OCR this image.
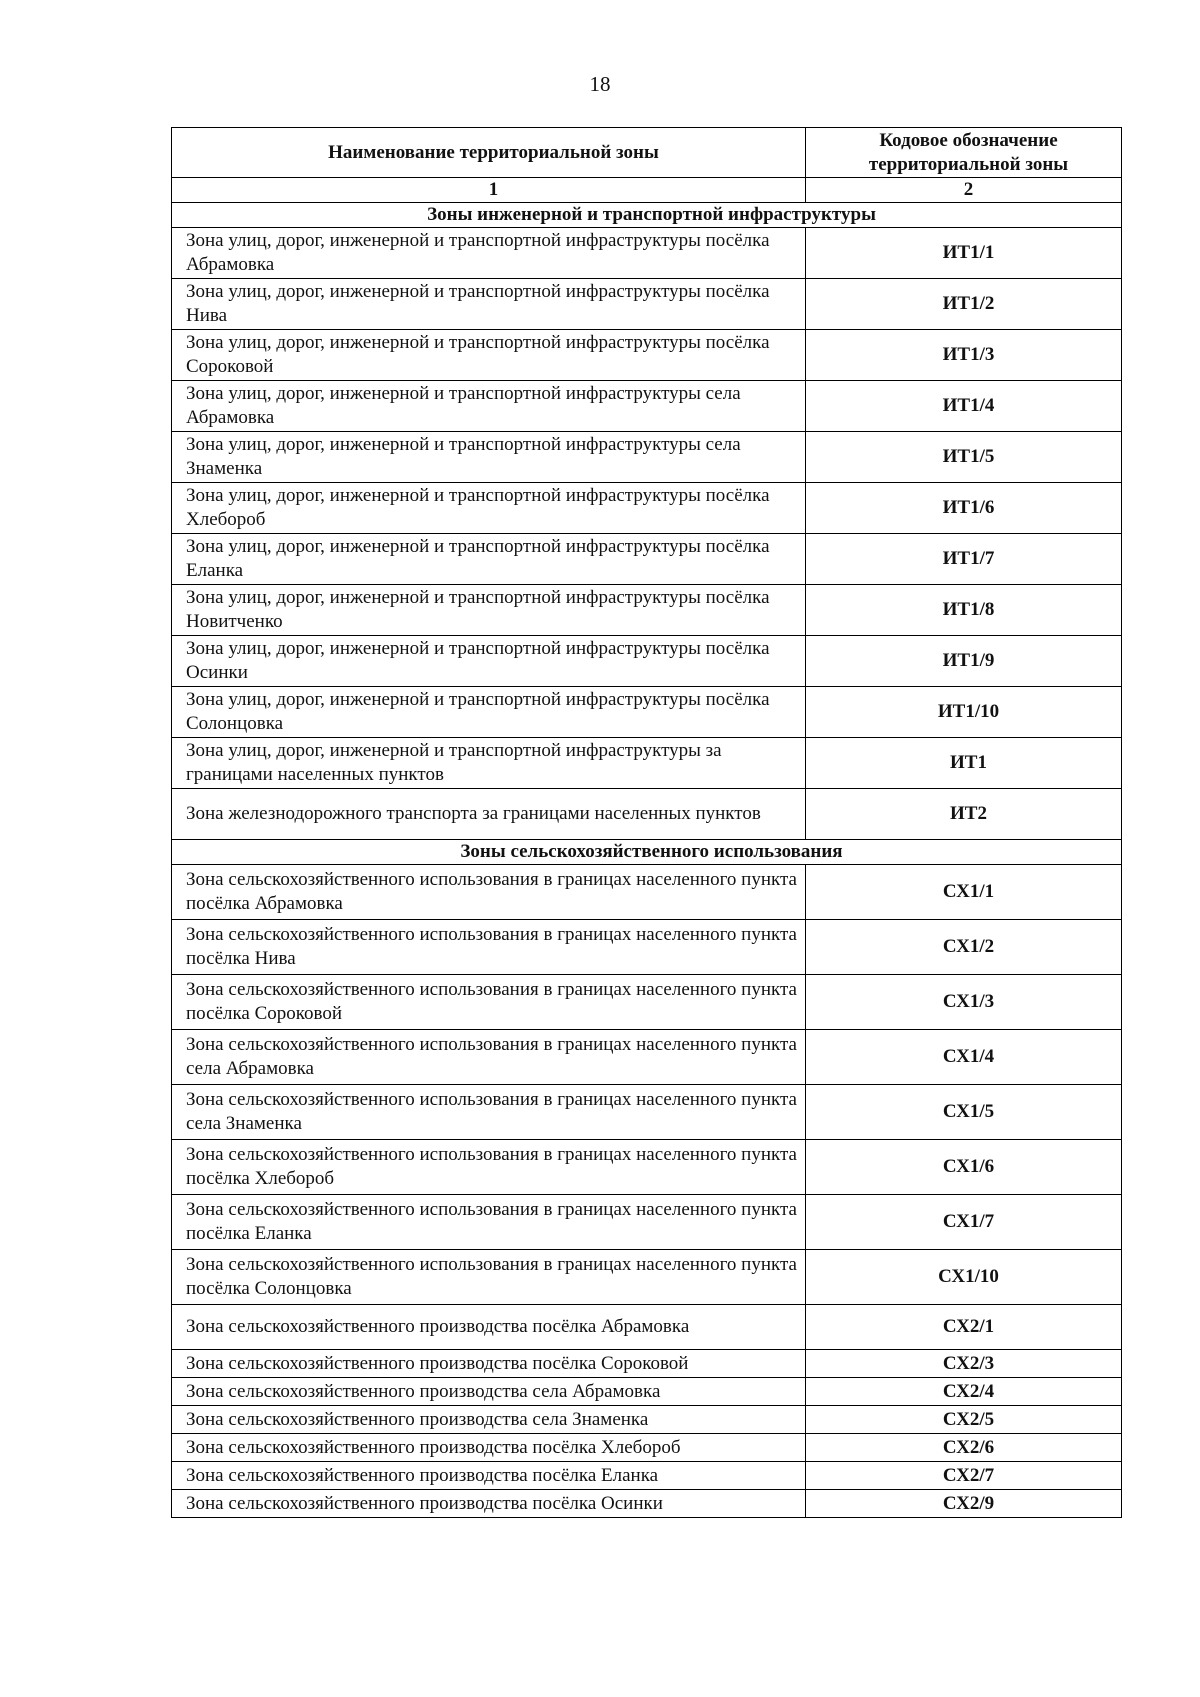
18
Наименование территориальной зоны	Кодовое обозначение территориальной зоны
1	2
Зоны инженерной и транспортной инфраструктуры	
Зона улиц, дорог, инженерной и транспортной инфраструктуры посёлка Абрамовка	ИТ1/1
Зона улиц, дорог, инженерной и транспортной инфраструктуры посёлка Нива	ИТ1/2
Зона улиц, дорог, инженерной и транспортной инфраструктуры посёлка Сороковой	ИТ1/3
Зона улиц, дорог, инженерной и транспортной инфраструктуры села Абрамовка	ИТ1/4
Зона улиц, дорог, инженерной и транспортной инфраструктуры села Знаменка	ИТ1/5
Зона улиц, дорог, инженерной и транспортной инфраструктуры посёлка Хлебороб	ИТ1/6
Зона улиц, дорог, инженерной и транспортной инфраструктуры посёлка Еланка	ИТ1/7
Зона улиц, дорог, инженерной и транспортной инфраструктуры посёлка Новитченко	ИТ1/8
Зона улиц, дорог, инженерной и транспортной инфраструктуры посёлка Осинки	ИТ1/9
Зона улиц, дорог, инженерной и транспортной инфраструктуры посёлка Солонцовка	ИТ1/10
Зона улиц, дорог, инженерной и транспортной инфраструктуры за границами населенных пунктов	ИТ1
Зона железнодорожного транспорта за границами населенных пунктов	ИТ2
Зоны сельскохозяйственного использования	
Зона сельскохозяйственного использования в границах населенного пункта посёлка Абрамовка	СХ1/1
Зона сельскохозяйственного использования в границах населенного пункта посёлка Нива	СХ1/2
Зона сельскохозяйственного использования в границах населенного пункта посёлка Сороковой	СХ1/3
Зона сельскохозяйственного использования в границах населенного пункта села Абрамовка	СХ1/4
Зона сельскохозяйственного использования в границах населенного пункта села Знаменка	СХ1/5
Зона сельскохозяйственного использования в границах населенного пункта посёлка Хлебороб	СХ1/6
Зона сельскохозяйственного использования в границах населенного пункта посёлка Еланка	СХ1/7
Зона сельскохозяйственного использования в границах населенного пункта посёлка Солонцовка	СХ1/10
Зона сельскохозяйственного производства посёлка Абрамовка	СХ2/1
Зона сельскохозяйственного производства посёлка Сороковой	СХ2/3
Зона сельскохозяйственного производства села Абрамовка	СХ2/4
Зона сельскохозяйственного производства села Знаменка	СХ2/5
Зона сельскохозяйственного производства посёлка Хлебороб	СХ2/6
Зона сельскохозяйственного производства посёлка Еланка	СХ2/7
Зона сельскохозяйственного производства посёлка Осинки	СХ2/9
